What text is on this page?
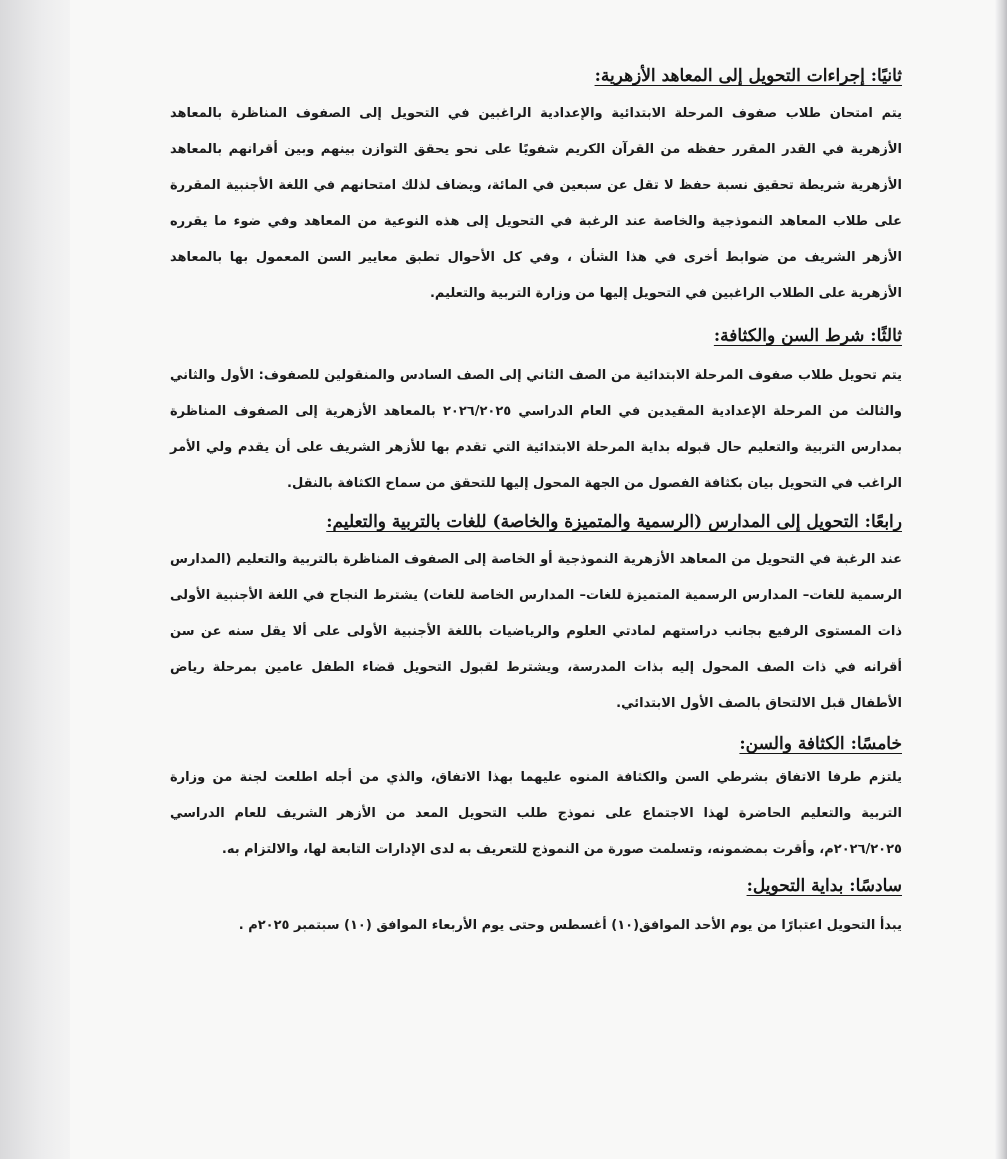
ثانيًا: إجراءات التحويل إلى المعاهد الأزهرية:

يتم امتحان طلاب صفوف المرحلة الابتدائية والإعدادية الراغبين في التحويل إلى الصفوف المناظرة بالمعاهد الأزهرية في القدر المقرر حفظه من القرآن الكريم شفويًا على نحو يحقق التوازن بينهم وبين أقرانهم بالمعاهد الأزهرية شريطة تحقيق نسبة حفظ لا تقل عن سبعين في المائة، ويضاف لذلك امتحانهم في اللغة الأجنبية المقررة على طلاب المعاهد النموذجية والخاصة عند الرغبة في التحويل إلى هذه النوعية من المعاهد وفي ضوء ما يقرره الأزهر الشريف من ضوابط أخرى في هذا الشأن ، وفي كل الأحوال تطبق معايير السن المعمول بها بالمعاهد الأزهرية على الطلاب الراغبين في التحويل إليها من وزارة التربية والتعليم.

ثالثًا: شرط السن والكثافة:

يتم تحويل طلاب صفوف المرحلة الابتدائية من الصف الثاني إلى الصف السادس والمنقولين للصفوف: الأول والثاني والثالث من المرحلة الإعدادية المقيدين في العام الدراسي ٢٠٢٦/٢٠٢٥ بالمعاهد الأزهرية إلى الصفوف المناظرة بمدارس التربية والتعليم حال قبوله بداية المرحلة الابتدائية التي تقدم بها للأزهر الشريف على أن يقدم ولي الأمر الراغب في التحويل بيان بكثافة الفصول من الجهة المحول إليها للتحقق من سماح الكثافة بالنقل.

رابعًا: التحويل إلى المدارس (الرسمية والمتميزة والخاصة) للغات بالتربية والتعليم:

عند الرغبة في التحويل من المعاهد الأزهرية النموذجية أو الخاصة إلى الصفوف المناظرة بالتربية والتعليم (المدارس الرسمية للغات– المدارس الرسمية المتميزة للغات– المدارس الخاصة للغات) يشترط النجاح في اللغة الأجنبية الأولى ذات المستوى الرفيع بجانب دراستهم لمادتي العلوم والرياضيات باللغة الأجنبية الأولى على ألا يقل سنه عن سن أقرانه في ذات الصف المحول إليه بذات المدرسة، ويشترط لقبول التحويل قضاء الطفل عامين بمرحلة رياض الأطفال قبل الالتحاق بالصف الأول الابتدائي.

خامسًا: الكثافة والسن:

يلتزم طرفا الاتفاق بشرطي السن والكثافة المنوه عليهما بهذا الاتفاق، والذي من أجله اطلعت لجنة من وزارة التربية والتعليم الحاضرة لهذا الاجتماع على نموذج طلب التحويل المعد من الأزهر الشريف للعام الدراسي ٢٠٢٦/٢٠٢٥م، وأقرت بمضمونه، وتسلمت صورة من النموذج للتعريف به لدى الإدارات التابعة لها، والالتزام به.

سادسًا: بداية التحويل:

يبدأ التحويل اعتبارًا من يوم الأحد الموافق(١٠) أغسطس وحتى يوم الأربعاء الموافق (١٠) سبتمبر ٢٠٢٥م .
